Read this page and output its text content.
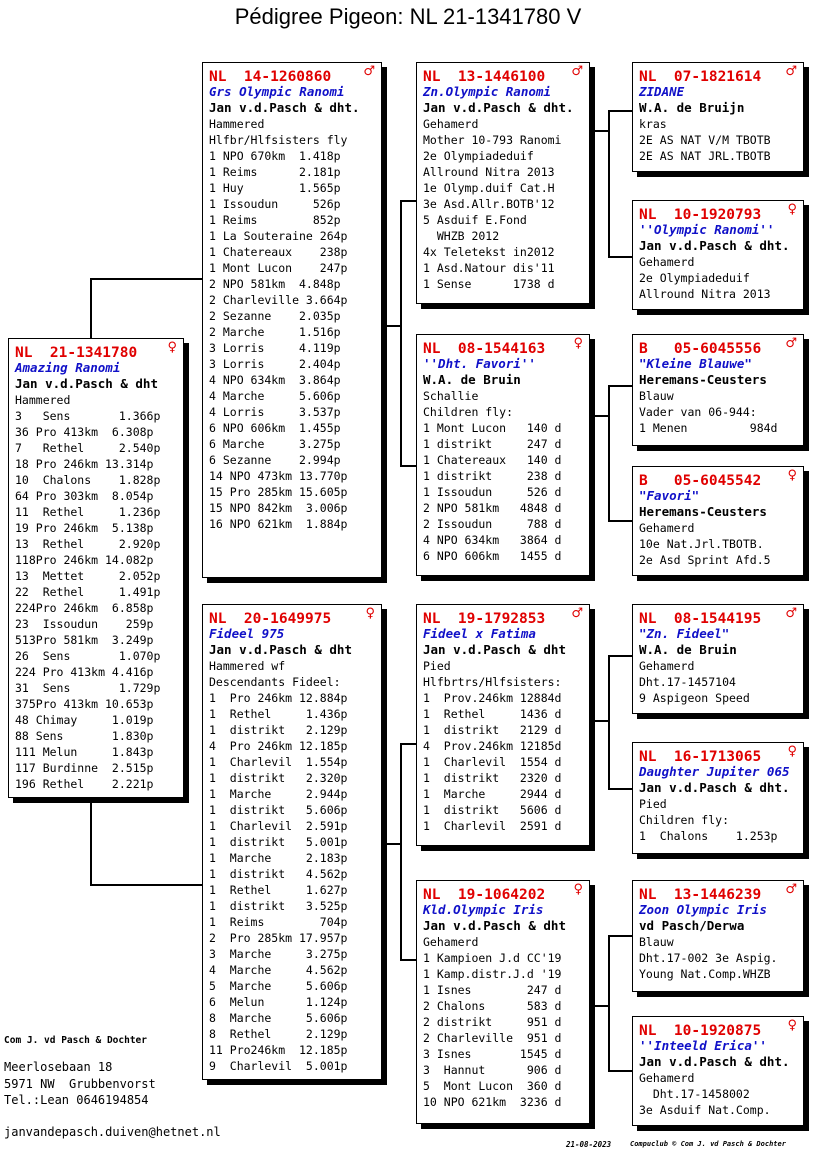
Pédigree Pigeon: NL 21-1341780 V
NL  21-1341780 ♀
Amazing Ranomi
Jan v.d.Pasch & dht
Hammered
3   Sens       1.366p
36 Pro 413km  6.308p
7   Rethel     2.540p
18 Pro 246km 13.314p
10  Chalons    1.828p
64 Pro 303km  8.054p
11  Rethel     1.236p
19 Pro 246km  5.138p
13  Rethel     2.920p
118Pro 246km 14.082p
13  Mettet     2.052p
22  Rethel     1.491p
224Pro 246km  6.858p
23  Issoudun    259p
513Pro 581km  3.249p
26  Sens       1.070p
224 Pro 413km 4.416p
31  Sens       1.729p
375Pro 413km 10.653p
48 Chimay     1.019p
88 Sens       1.830p
111 Melun     1.843p
117 Burdinne  2.515p
196 Rethel    2.221p
NL  14-1260860 ♂
Grs Olympic Ranomi
Jan v.d.Pasch & dht.
Hammered
Hlfbr/Hlfsisters fly
1 NPO 670km  1.418p
1 Reims      2.181p
1 Huy        1.565p
1 Issoudun     526p
1 Reims        852p
1 La Souteraine 264p
1 Chatereaux    238p
1 Mont Lucon    247p
2 NPO 581km  4.848p
2 Charleville 3.664p
2 Sezanne    2.035p
2 Marche     1.516p
3 Lorris     4.119p
3 Lorris     2.404p
4 NPO 634km  3.864p
4 Marche     5.606p
4 Lorris     3.537p
6 NPO 606km  1.455p
6 Marche     3.275p
6 Sezanne    2.994p
14 NPO 473km 13.770p
15 Pro 285km 15.605p
15 NPO 842km  3.006p
16 NPO 621km  1.884p
NL  20-1649975	♀
Fideel 975
Jan v.d.Pasch & dht
Hammered wf
Descendants Fideel:
1  Pro 246km 12.884p
1  Rethel     1.436p
1  distrikt   2.129p
4  Pro 246km 12.185p
1  Charlevil  1.554p
1  distrikt   2.320p
1  Marche     2.944p
1  distrikt   5.606p
1  Charlevil  2.591p
1  distrikt   5.001p
1  Marche     2.183p
1  distrikt   4.562p
1  Rethel     1.627p
1  distrikt   3.525p
1  Reims        704p
2  Pro 285km 17.957p
3  Marche     3.275p
4  Marche     4.562p
5  Marche     5.606p
6  Melun      1.124p
8  Marche     5.606p
8  Rethel     2.129p
11 Pro246km  12.185p
9  Charlevil  5.001p
NL  13-1446100 ♂
Zn.Olympic Ranomi
Jan v.d.Pasch & dht.
Gehamerd
Mother 10-793 Ranomi
2e Olympiadeduif
Allround Nitra 2013
1e Olymp.duif Cat.H
3e Asd.Allr.BOTB'12
5 Asduif E.Fond
WHZB 2012
4x Teletekst in2012
1 Asd.Natour dis'11
1 Sense      1738 d
NL  08-1544163 ♀
''Dht. Favori''
W.A. de Bruin
Schallie
Children fly:
1 Mont Lucon   140 d
1 distrikt     247 d
1 Chatereaux   140 d
1 distrikt     238 d
1 Issoudun     526 d
2 NPO 581km   4848 d
2 Issoudun     788 d
4 NPO 634km   3864 d
6 NPO 606km   1455 d
NL  19-1792853 ♂
Fideel x Fatima
Jan v.d.Pasch & dht
Pied
Hlfbrtrs/Hlfsisters:
1  Prov.246km 12884d
1  Rethel     1436 d
1  distrikt   2129 d
4  Prov.246km 12185d
1  Charlevil  1554 d
1  distrikt   2320 d
1  Marche     2944 d
1  distrikt   5606 d
1  Charlevil  2591 d
NL  19-1064202 ♀
Kld.Olympic Iris
Jan v.d.Pasch & dht
Gehamerd
1 Kampioen J.d CC'19
1 Kamp.distr.J.d '19
1 Isnes        247 d
2 Chalons      583 d
2 distrikt     951 d
2 Charleville  951 d
3 Isnes       1545 d
3  Hannut      906 d
5  Mont Lucon  360 d
10 NPO 621km  3236 d
NL  07-1821614 ♂
ZIDANE
W.A. de Bruijn
kras
2E AS NAT V/M TBOTB
2E AS NAT JRL.TBOTB
NL  10-1920793 ♀
''Olympic Ranomi''
Jan v.d.Pasch & dht.
Gehamerd
2e Olympiadeduif
Allround Nitra 2013
B   05-6045556 ♂
"Kleine Blauwe"
Heremans-Ceusters
Blauw
Vader van 06-944:
1 Menen         984d
B   05-6045542 ♀
"Favori"
Heremans-Ceusters
Gehamerd
10e Nat.Jrl.TBOTB.
2e Asd Sprint Afd.5
NL  08-1544195 ♂
"Zn. Fideel"
W.A. de Bruin
Gehamerd
Dht.17-1457104
9 Aspigeon Speed
NL  16-1713065 ♀
Daughter Jupiter 065
Jan v.d.Pasch & dht.
Pied
Children fly:
1  Chalons    1.253p
NL  13-1446239 ♂
Zoon Olympic Iris
vd Pasch/Derwa
Blauw
Dht.17-002 3e Aspig.
Young Nat.Comp.WHZB
NL  10-1920875 ♀
''Inteeld Erica''
Jan v.d.Pasch & dht.
Gehamerd
Dht.17-1458002
3e Asduif Nat.Comp.
Com J. vd Pasch & Dochter
Meerlosebaan 18
5971 NW  Grubbenvorst
Tel.:Lean 0646194854
janvandepasch.duiven@hetnet.nl
21-08-2023	Compuclub © Com J. vd Pasch & Dochter
